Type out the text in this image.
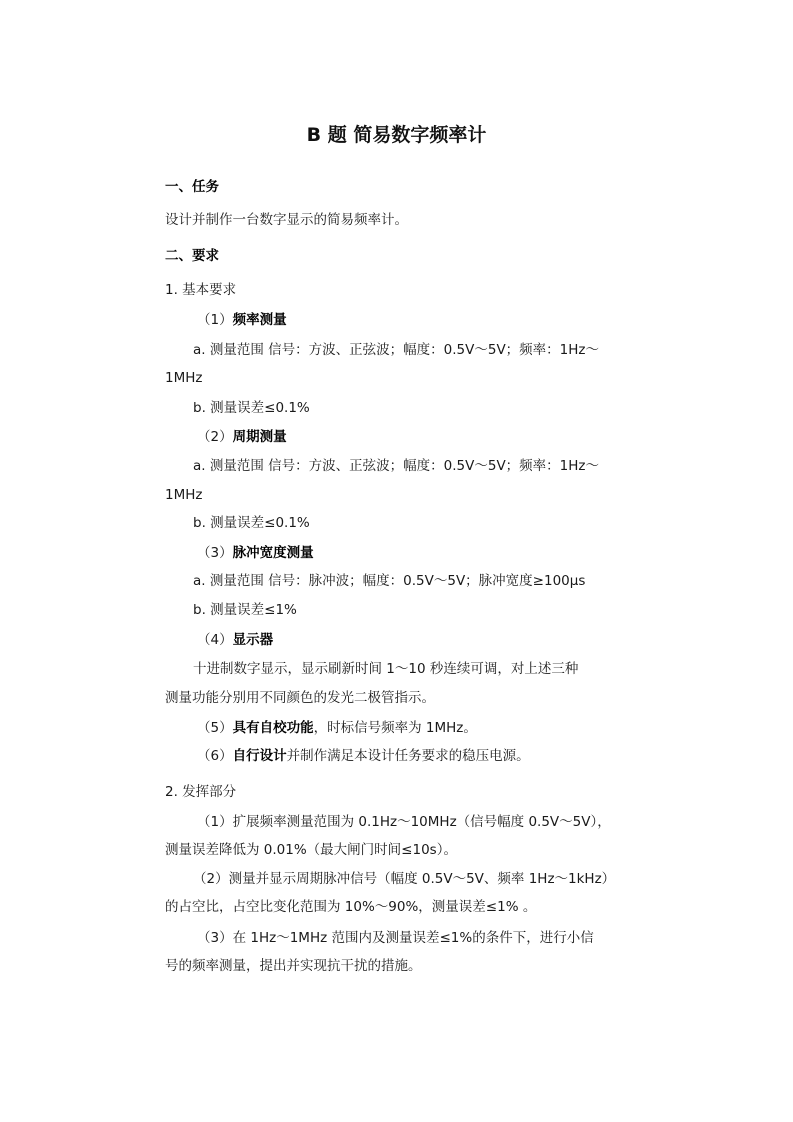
B 题 简易数字频率计
一、任务
设计并制作一台数字显示的简易频率计。
二、要求
1. 基本要求
（1）频率测量
a. 测量范围 信号：方波、正弦波；幅度：0.5V～5V；频率：1Hz～
1MHz
b. 测量误差≤0.1%
（2）周期测量
a. 测量范围 信号：方波、正弦波；幅度：0.5V～5V；频率：1Hz～
1MHz
b. 测量误差≤0.1%
（3）脉冲宽度测量
a. 测量范围 信号：脉冲波；幅度：0.5V～5V；脉冲宽度≥100μs
b. 测量误差≤1%
（4）显示器
十进制数字显示，显示刷新时间 1～10 秒连续可调，对上述三种
测量功能分别用不同颜色的发光二极管指示。
（5）具有自校功能，时标信号频率为 1MHz。
（6）自行设计并制作满足本设计任务要求的稳压电源。
2. 发挥部分
（1）扩展频率测量范围为 0.1Hz～10MHz（信号幅度 0.5V～5V），
测量误差降低为 0.01%（最大闸门时间≤10s）。
（2）测量并显示周期脉冲信号（幅度 0.5V～5V、频率 1Hz～1kHz）
的占空比，占空比变化范围为 10%～90%，测量误差≤1% 。
（3）在 1Hz～1MHz 范围内及测量误差≤1%的条件下，进行小信
号的频率测量，提出并实现抗干扰的措施。
